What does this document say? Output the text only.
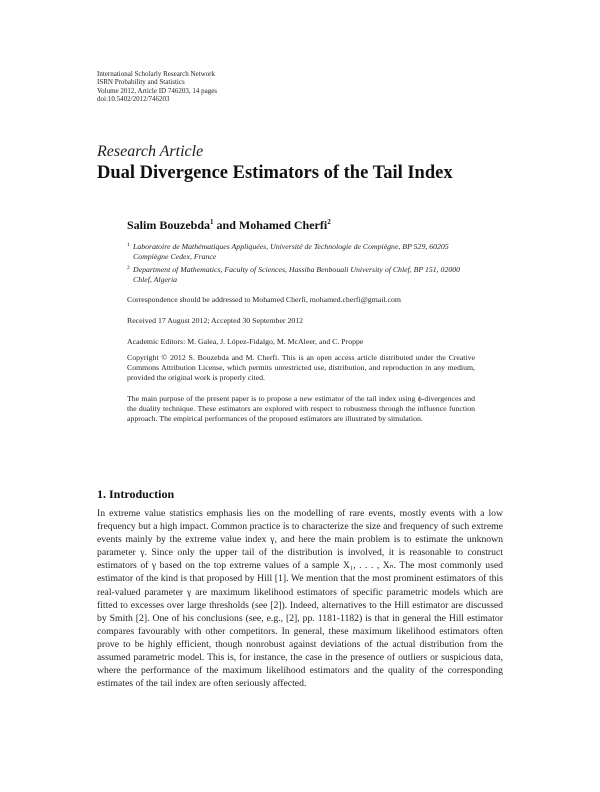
International Scholarly Research Network
ISRN Probability and Statistics
Volume 2012, Article ID 746203, 14 pages
doi:10.5402/2012/746203
Research Article
Dual Divergence Estimators of the Tail Index
Salim Bouzebda$^1$ and Mohamed Cherfi$^2$
1 Laboratoire de Mathématiques Appliquées, Université de Technologie de Compiègne, BP 529, 60205 Compiègne Cedex, France
2 Department of Mathematics, Faculty of Sciences, Hassiba Benbouali University of Chlef, BP 151, 02000 Chlef, Algeria
Correspondence should be addressed to Mohamed Cherfi, mohamed.cherfi@gmail.com
Received 17 August 2012; Accepted 30 September 2012
Academic Editors: M. Galea, J. López-Fidalgo, M. McAleer, and C. Proppe
Copyright © 2012 S. Bouzebda and M. Cherfi. This is an open access article distributed under the Creative Commons Attribution License, which permits unrestricted use, distribution, and reproduction in any medium, provided the original work is properly cited.
The main purpose of the present paper is to propose a new estimator of the tail index using ϕ-divergences and the duality technique. These estimators are explored with respect to robustness through the influence function approach. The empirical performances of the proposed estimators are illustrated by simulation.
1. Introduction
In extreme value statistics emphasis lies on the modelling of rare events, mostly events with a low frequency but a high impact. Common practice is to characterize the size and frequency of such extreme events mainly by the extreme value index γ, and here the main problem is to estimate the unknown parameter γ. Since only the upper tail of the distribution is involved, it is reasonable to construct estimators of γ based on the top extreme values of a sample X₁, . . . , Xₙ. The most commonly used estimator of the kind is that proposed by Hill [1]. We mention that the most prominent estimators of this real-valued parameter γ are maximum likelihood estimators of specific parametric models which are fitted to excesses over large thresholds (see [2]). Indeed, alternatives to the Hill estimator are discussed by Smith [2]. One of his conclusions (see, e.g., [2], pp. 1181-1182) is that in general the Hill estimator compares favourably with other competitors. In general, these maximum likelihood estimators often prove to be highly efficient, though nonrobust against deviations of the actual distribution from the assumed parametric model. This is, for instance, the case in the presence of outliers or suspicious data, where the performance of the maximum likelihood estimators and the quality of the corresponding estimates of the tail index are often seriously affected.
